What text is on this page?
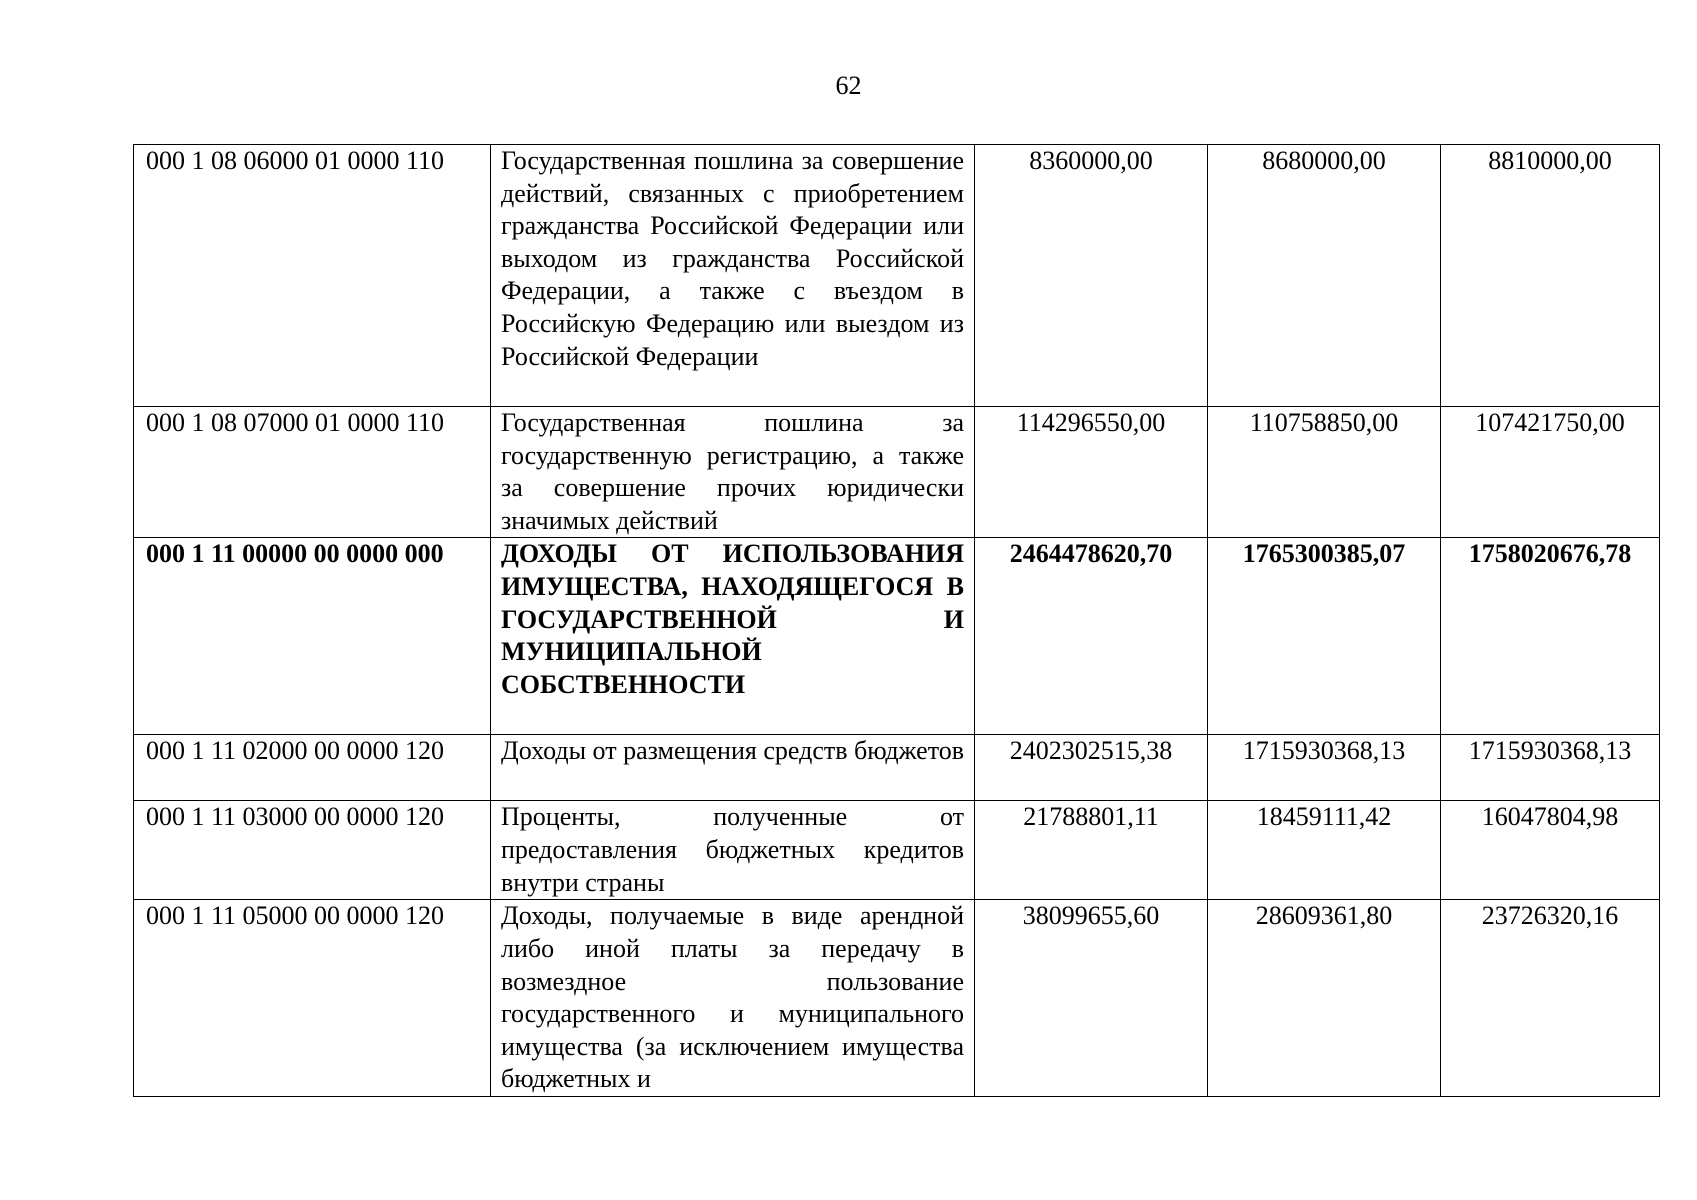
62
000 1 08 06000 01 0000 110	Государственная пошлина за совершение действий, связанных с приобретением гражданства Российской Федерации или выходом из гражданства Российской Федерации, а также с въездом в Российскую Федерацию или выездом из Российской Федерации	8360000,00	8680000,00	8810000,00
000 1 08 07000 01 0000 110	Государственная пошлина за государственную регистрацию, а также за совершение прочих юридически значимых действий	114296550,00	110758850,00	107421750,00
000 1 11 00000 00 0000 000	ДОХОДЫ ОТ ИСПОЛЬЗОВАНИЯ ИМУЩЕСТВА, НАХОДЯЩЕГОСЯ В ГОСУДАРСТВЕННОЙ И МУНИЦИПАЛЬНОЙ СОБСТВЕННОСТИ	2464478620,70	1765300385,07	1758020676,78
000 1 11 02000 00 0000 120	Доходы от размещения средств бюджетов	2402302515,38	1715930368,13	1715930368,13
000 1 11 03000 00 0000 120	Проценты, полученные от предоставления бюджетных кредитов внутри страны	21788801,11	18459111,42	16047804,98
000 1 11 05000 00 0000 120	Доходы, получаемые в виде арендной либо иной платы за передачу в возмездное пользование государственного и муниципального имущества (за исключением имущества бюджетных и	38099655,60	28609361,80	23726320,16
